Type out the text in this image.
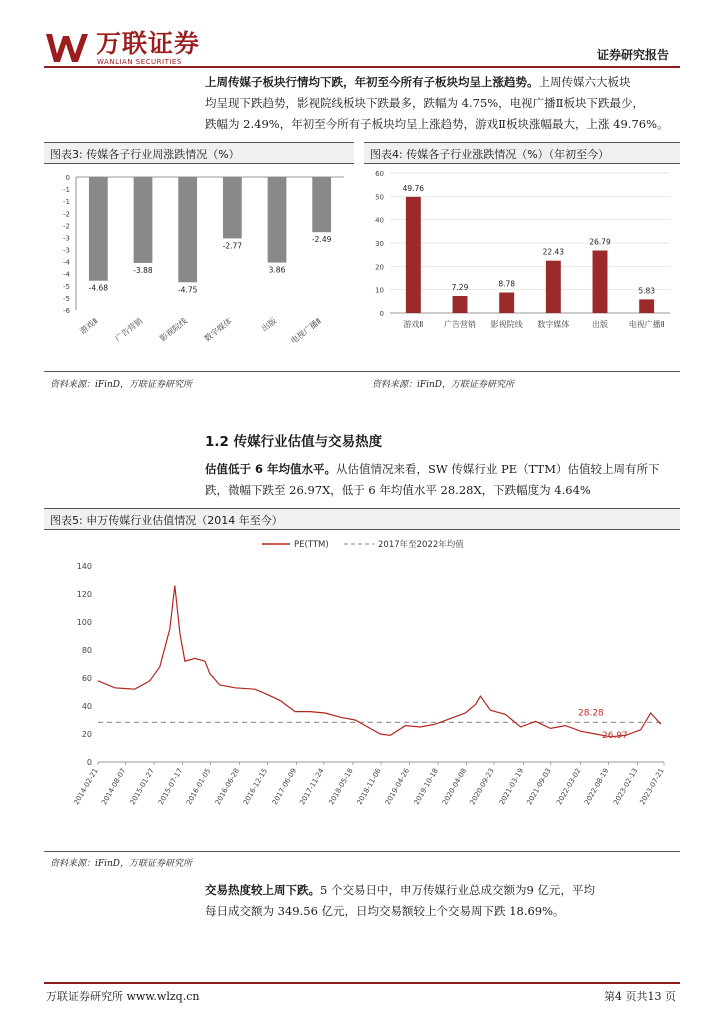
万联证券
WANLIAN SECURITIES	证券研究报告
上周传媒子板块行情均下跌，年初至今所有子板块均呈上涨趋势。上周传媒六大板块
均呈现下跌趋势，影视院线板块下跌最多，跌幅为 4.75%，电视广播Ⅱ板块下跌最少，
跌幅为 2.49%，年初至今所有子板块均呈上涨趋势，游戏Ⅱ板块涨幅最大，上涨 49.76%。
图表3: 传媒各子行业周涨跌情况（%）	图表4: 传媒各子行业涨跌情况（%）（年初至今）
0
-1
-1
-2
-2
-3
-3
-4
-4
-5
-5
-6
-4.68
游戏Ⅱ
-3.88
广告营销
-4.75
影视院线
-2.77
数字媒体
3.86
出版
-2.49
电视广播Ⅱ
0
10
20
30
40
50
60
49.76
游戏Ⅱ
7.29
广告营销
8.78
影视院线
22.43
数字媒体
26.79
出版
5.83
电视广播Ⅱ
资料来源：iFinD，万联证券研究所	资料来源：iFinD，万联证券研究所
1.2 传媒行业估值与交易热度
估值低于 6 年均值水平。从估值情况来看，SW 传媒行业 PE（TTM）估值较上周有所下
跌，微幅下跌至 26.97X，低于 6 年均值水平 28.28X，下跌幅度为 4.64%
图表5: 申万传媒行业估值情况（2014 年至今）
PE(TTM)	2017年至2022年均值
0
20
40
60
80
100
120
140
28.28
26.97
2014-02-21 2014-08-07 2015-01-27 2015-07-17 2016-01-05 2016-06-28 2016-12-15 2017-06-09 2017-11-24 2018-05-18 2018-11-06 2019-04-26 2019-10-18 2020-04-08 2020-09-23 2021-03-19 2021-09-03 2022-03-02 2022-08-19 2023-02-13 2023-07-21
资料来源：iFinD，万联证券研究所
交易热度较上周下跌。5 个交易日中，申万传媒行业总成交额为9 亿元，平均
每日成交额为 349.56 亿元，日均交易额较上个交易周下跌 18.69%。
万联证券研究所 www.wlzq.cn	第4 页共13 页
